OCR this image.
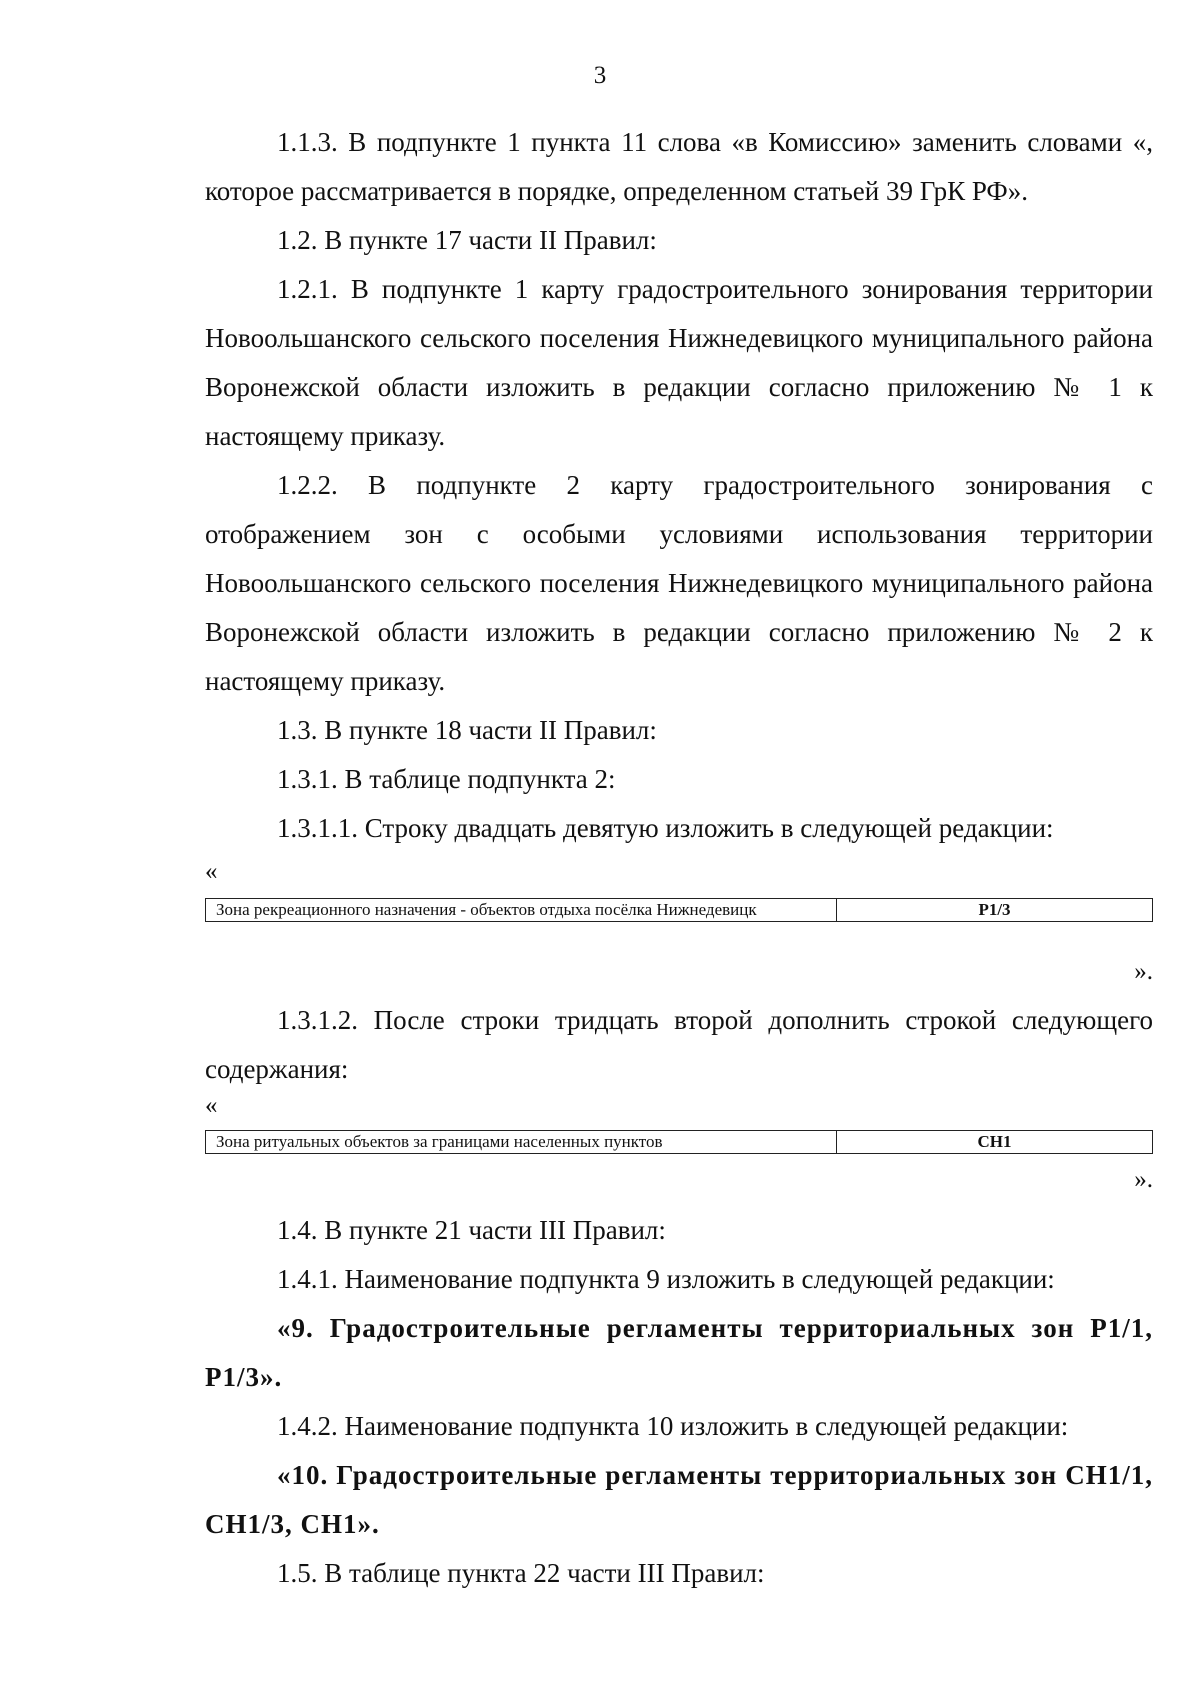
3

1.1.3. В подпункте 1 пункта 11 слова «в Комиссию» заменить словами «, которое рассматривается в порядке, определенном статьей 39 ГрК РФ».

1.2. В пункте 17 части II Правил:

1.2.1. В подпункте 1 карту градостроительного зонирования территории Новоольшанского сельского поселения Нижнедевицкого муниципального района Воронежской области изложить в редакции согласно приложению № 1 к настоящему приказу.

1.2.2. В подпункте 2 карту градостроительного зонирования с отображением зон с особыми условиями использования территории Новоольшанского сельского поселения Нижнедевицкого муниципального района Воронежской области изложить в редакции согласно приложению № 2 к настоящему приказу.

1.3. В пункте 18 части II Правил:

1.3.1. В таблице подпункта 2:

1.3.1.1. Строку двадцать девятую изложить в следующей редакции:

«
Зона рекреационного назначения - объектов отдыха посёлка Нижнедевицк	Р1/3
».

1.3.1.2. После строки тридцать второй дополнить строкой следующего содержания:

«
Зона ритуальных объектов за границами населенных пунктов	СН1
».

1.4. В пункте 21 части III Правил:

1.4.1. Наименование подпункта 9 изложить в следующей редакции:

«9. Градостроительные регламенты территориальных зон Р1/1, Р1/3».

1.4.2. Наименование подпункта 10 изложить в следующей редакции:

«10. Градостроительные регламенты территориальных зон СН1/1, СН1/3, СН1».

1.5. В таблице пункта 22 части III Правил:
